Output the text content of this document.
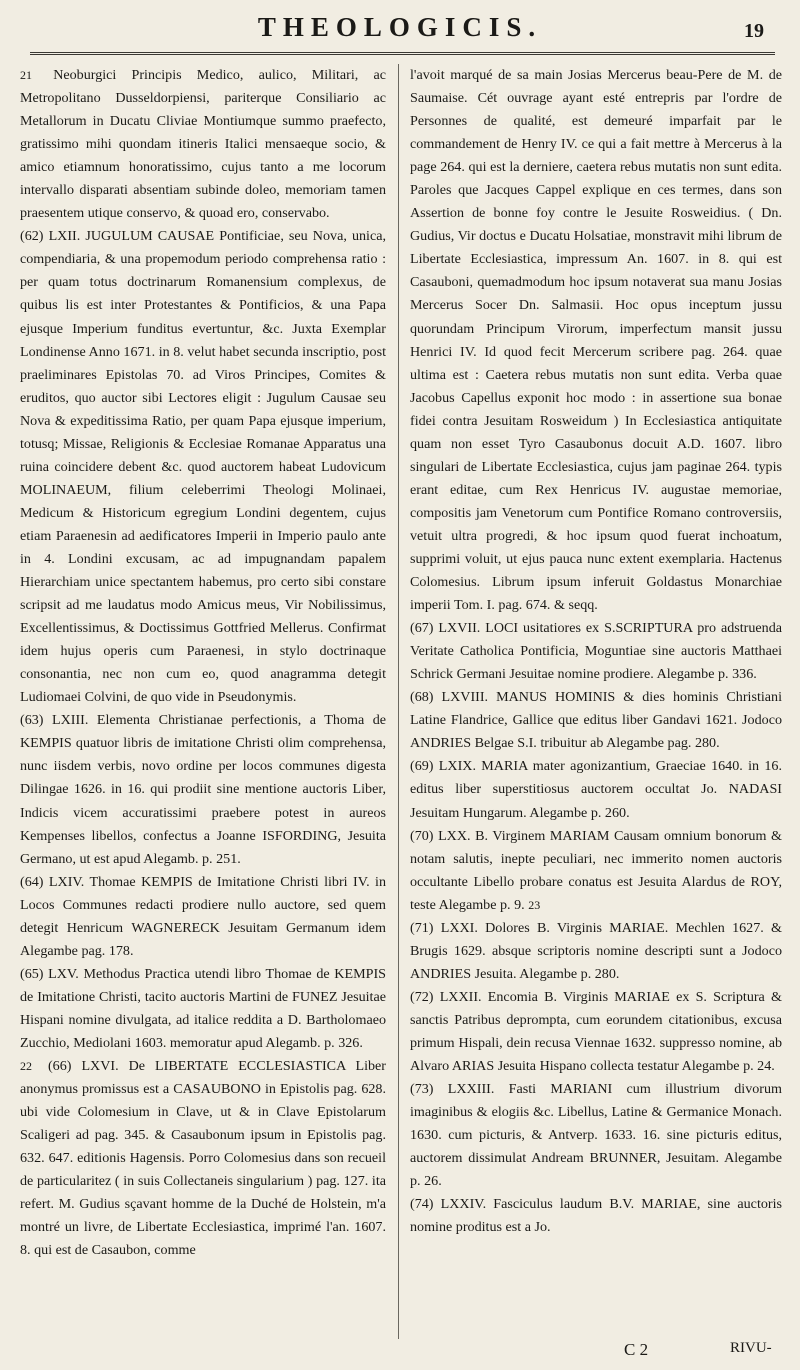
THEOLOGICIS.	19

21 Neoburgici Principis Medico, aulico, Militari, ac Metropolitano Dusseldorpiensi, pariterque Consiliario ac Metallorum in Ducatu Cliviae Montiumque summo praefecto, gratissimo mihi quondam itineris Italici mensaeque socio, & amico etiamnum honoratissimo, cujus tanto a me locorum intervallo disparati absentiam subinde doleo, memoriam tamen praesentem utique conservo, & quoad ero, conservabo.

(62) LXII. JUGULUM CAUSAE Pontificiae, seu Nova, unica, compendiaria, & una propemodum periodo comprehensa ratio : per quam totus doctrinarum Romanensium complexus, de quibus lis est inter Protestantes & Pontificios, & una Papa ejusque Imperium funditus evertuntur, &c. Juxta Exemplar Londinense Anno 1671. in 8. velut habet secunda inscriptio, post praeliminares Epistolas 70. ad Viros Principes, Comites & eruditos, quo auctor sibi Lectores eligit : Jugulum Causae seu Nova & expeditissima Ratio, per quam Papa ejusque imperium, totusq; Missae, Religionis & Ecclesiae Romanae Apparatus una ruina coincidere debent &c. quod auctorem habeat Ludovicum MOLINAEUM, filium celeberrimi Theologi Molinaei, Medicum & Historicum egregium Londini degentem, cujus etiam Paraenesin ad aedificatores Imperii in Imperio paulo ante in 4. Londini excusam, ac ad impugnandam papalem Hierarchiam unice spectantem habemus, pro certo sibi constare scripsit ad me laudatus modo Amicus meus, Vir Nobilissimus, Excellentissimus, & Doctissimus Gottfried Mellerus. Confirmat idem hujus operis cum Paraenesi, in stylo doctrinaque consonantia, nec non cum eo, quod anagramma detegit Ludiomaei Colvini, de quo vide in Pseudonymis.

(63) LXIII. Elementa Christianae perfectionis, a Thoma de KEMPIS quatuor libris de imitatione Christi olim comprehensa, nunc iisdem verbis, novo ordine per locos communes digesta Dilingae 1626. in 16. qui prodiit sine mentione auctoris Liber, Indicis vicem accuratissimi praebere potest in aureos Kempenses libellos, confectus a Joanne ISFORDING, Jesuita Germano, ut est apud Alegamb. p. 251.

(64) LXIV. Thomae KEMPIS de Imitatione Christi libri IV. in Locos Communes redacti prodiere nullo auctore, sed quem detegit Henricum WAGNERECK Jesuitam Germanum idem Alegambe pag. 178.

(65) LXV. Methodus Practica utendi libro Thomae de KEMPIS de Imitatione Christi, tacito auctoris Martini de FUNEZ Jesuitae Hispani nomine divulgata, ad italice reddita a D. Bartholomaeo Zucchio, Mediolani 1603. memoratur apud Alegamb. p. 326.

22 (66) LXVI. De LIBERTATE ECCLESIASTICA Liber anonymus promissus est a CASAUBONO in Epistolis pag. 628. ubi vide Colomesium in Clave, ut & in Clave Epistolarum Scaligeri ad pag. 345. & Casaubonum ipsum in Epistolis pag. 632. 647. editionis Hagensis. Porro Colomesius dans son recueil de particularitez ( in suis Collectaneis singularium ) pag. 127. ita refert. M. Gudius sçavant homme de la Duché de Holstein, m'a montré un livre, de Libertate Ecclesiastica, imprimé l'an. 1607. 8. qui est de Casaubon, comme

l'avoit marqué de sa main Josias Mercerus beau-Pere de M. de Saumaise. Cét ouvrage ayant esté entrepris par l'ordre de Personnes de qualité, est demeuré imparfait par le commandement de Henry IV. ce qui a fait mettre à Mercerus à la page 264. qui est la derniere, caetera rebus mutatis non sunt edita. Paroles que Jacques Cappel explique en ces termes, dans son Assertion de bonne foy contre le Jesuite Rosweidius. ( Dn. Gudius, Vir doctus e Ducatu Holsatiae, monstravit mihi librum de Libertate Ecclesiastica, impressum An. 1607. in 8. qui est Casauboni, quemadmodum hoc ipsum notaverat sua manu Josias Mercerus Socer Dn. Salmasii. Hoc opus inceptum jussu quorundam Principum Virorum, imperfectum mansit jussu Henrici IV. Id quod fecit Mercerum scribere pag. 264. quae ultima est : Caetera rebus mutatis non sunt edita. Verba quae Jacobus Capellus exponit hoc modo : in assertione sua bonae fidei contra Jesuitam Rosweidum ) In Ecclesiastica antiquitate quam non esset Tyro Casaubonus docuit A.D. 1607. libro singulari de Libertate Ecclesiastica, cujus jam paginae 264. typis erant editae, cum Rex Henricus IV. augustae memoriae, compositis jam Venetorum cum Pontifice Romano controversiis, vetuit ultra progredi, & hoc ipsum quod fuerat inchoatum, supprimi voluit, ut ejus pauca nunc extent exemplaria. Hactenus Colomesius. Librum ipsum inferuit Goldastus Monarchiae imperii Tom. I. pag. 674. & seqq.

(67) LXVII. LOCI usitatiores ex S.SCRIPTURA pro adstruenda Veritate Catholica Pontificia, Moguntiae sine auctoris Matthaei Schrick Germani Jesuitae nomine prodiere. Alegambe p. 336.

(68) LXVIII. MANUS HOMINIS & dies hominis Christiani Latine Flandrice, Gallice que editus liber Gandavi 1621. Jodoco ANDRIES Belgae S.I. tribuitur ab Alegambe pag. 280.

(69) LXIX. MARIA mater agonizantium, Graeciae 1640. in 16. editus liber superstitiosus auctorem occultat Jo. NADASI Jesuitam Hungarum. Alegambe p. 260.

(70) LXX. B. Virginem MARIAM Causam omnium bonorum & notam salutis, inepte peculiari, nec immerito nomen auctoris occultante Libello probare conatus est Jesuita Alardus de ROY, teste Alegambe p. 9. 23

(71) LXXI. Dolores B. Virginis MARIAE. Mechlen 1627. & Brugis 1629. absque scriptoris nomine descripti sunt a Jodoco ANDRIES Jesuita. Alegambe p. 280.

(72) LXXII. Encomia B. Virginis MARIAE ex S. Scriptura & sanctis Patribus deprompta, cum eorundem citationibus, excusa primum Hispali, dein recusa Viennae 1632. suppresso nomine, ab Alvaro ARIAS Jesuita Hispano collecta testatur Alegambe p. 24.

(73) LXXIII. Fasti MARIANI cum illustrium divorum imaginibus & elogiis &c. Libellus, Latine & Germanice Monach. 1630. cum picturis, & Antverp. 1633. 16. sine picturis editus, auctorem dissimulat Andream BRUNNER, Jesuitam. Alegambe p. 26.

(74) LXXIV. Fasciculus laudum B.V. MARIAE, sine auctoris nomine proditus est a Jo.

C 2	RIVU-
